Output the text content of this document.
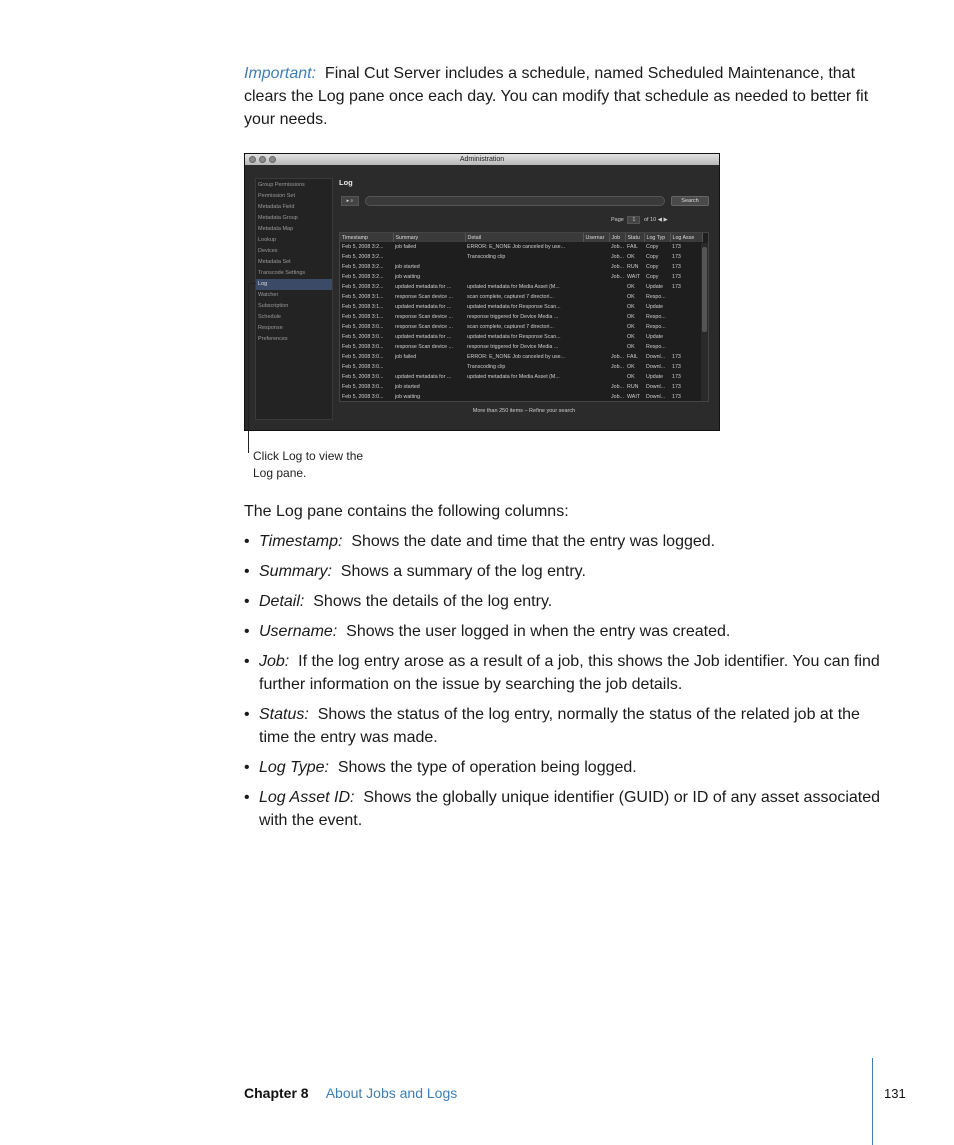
Important: Final Cut Server includes a schedule, named Scheduled Maintenance, that clears the Log pane once each day. You can modify that schedule as needed to better fit your needs.
Administration
Group Permissions
Permission Set
Metadata Field
Metadata Group
Metadata Map
Lookup
Devices
Metadata Set
Transcode Settings
Log
Watcher
Subscription
Schedule
Response
Preferences
Log
▸ ⌕	Search
Page 1 of 10 ◀ ▶
Timestamp	Summary	Detail	Usernar	Job	Statu	Log Typ	Log Asse
Feb 5, 2008 3:2...	job failed	ERROR: E_NONE Job canceled by use...		Job...	FAIL	Copy	173
Feb 5, 2008 3:2...		Transcoding clip		Job...	OK	Copy	173
Feb 5, 2008 3:2...	job started			Job...	RUN	Copy	173
Feb 5, 2008 3:2...	job waiting			Job...	WAIT	Copy	173
Feb 5, 2008 3:2...	updated metadata for ...	updated metadata for Media Asset (M...			OK	Update	173
Feb 5, 2008 3:1...	response Scan device ...	scan complete, captured 7 directori...			OK	Respo...	
Feb 5, 2008 3:1...	updated metadata for ...	updated metadata for Response Scan...			OK	Update	
Feb 5, 2008 3:1...	response Scan device ...	response triggered for Device Media ...			OK	Respo...	
Feb 5, 2008 3:0...	response Scan device ...	scan complete, captured 7 directori...			OK	Respo...	
Feb 5, 2008 3:0...	updated metadata for ...	updated metadata for Response Scan...			OK	Update	
Feb 5, 2008 3:0...	response Scan device ...	response triggered for Device Media ...			OK	Respo...	
Feb 5, 2008 3:0...	job failed	ERROR: E_NONE Job canceled by use...		Job...	FAIL	Downl...	173
Feb 5, 2008 3:0...		Transcoding clip		Job...	OK	Downl...	173
Feb 5, 2008 3:0...	updated metadata for ...	updated metadata for Media Asset (M...			OK	Update	173
Feb 5, 2008 3:0...	job started			Job...	RUN	Downl...	173
Feb 5, 2008 3:0...	job waiting			Job...	WAIT	Downl...	173
More than 250 items – Refine your search
Click Log to view the Log pane.
The Log pane contains the following columns:
• Timestamp: Shows the date and time that the entry was logged.
• Summary: Shows a summary of the log entry.
• Detail: Shows the details of the log entry.
• Username: Shows the user logged in when the entry was created.
• Job: If the log entry arose as a result of a job, this shows the Job identifier. You can find further information on the issue by searching the job details.
• Status: Shows the status of the log entry, normally the status of the related job at the time the entry was made.
• Log Type: Shows the type of operation being logged.
• Log Asset ID: Shows the globally unique identifier (GUID) or ID of any asset associated with the event.
Chapter 8 About Jobs and Logs	131
